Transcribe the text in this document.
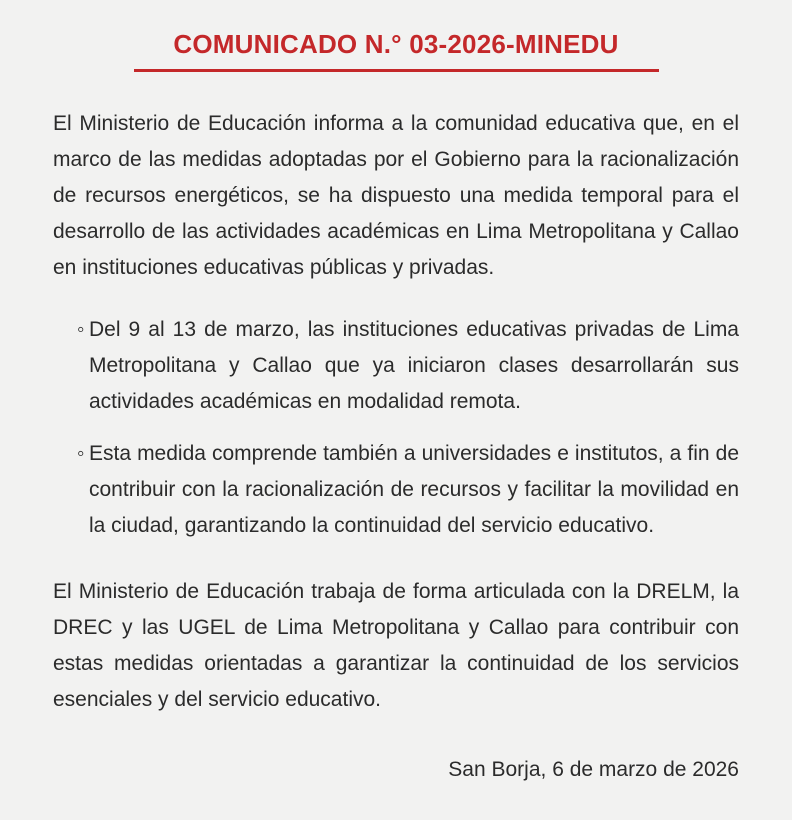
COMUNICADO N.° 03-2026-MINEDU

El Ministerio de Educación informa a la comunidad educativa que, en el marco de las medidas adoptadas por el Gobierno para la racionalización de recursos energéticos, se ha dispuesto una medida temporal para el desarrollo de las actividades académicas en Lima Metropolitana y Callao en instituciones educativas públicas y privadas.

◦ Del 9 al 13 de marzo, las instituciones educativas privadas de Lima Metropolitana y Callao que ya iniciaron clases desarrollarán sus actividades académicas en modalidad remota.
◦ Esta medida comprende también a universidades e institutos, a fin de contribuir con la racionalización de recursos y facilitar la movilidad en la ciudad, garantizando la continuidad del servicio educativo.

El Ministerio de Educación trabaja de forma articulada con la DRELM, la DREC y las UGEL de Lima Metropolitana y Callao para contribuir con estas medidas orientadas a garantizar la continuidad de los servicios esenciales y del servicio educativo.

San Borja, 6 de marzo de 2026
